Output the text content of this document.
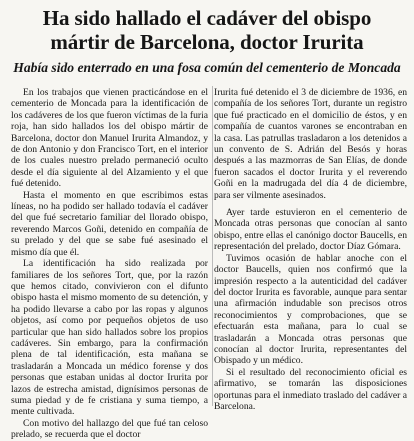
Ha sido hallado el cadáver del obispo
mártir de Barcelona, doctor Irurita
Había sido enterrado en una fosa común del cementerio de Moncada

En los trabajos que vienen practicándose en el cementerio de Moncada para la identificación de los cadáveres de los que fueron víctimas de la furia roja, han sido hallados los del obispo mártir de Barcelona, doctor don Manuel Irurita Almandoz, y de don Antonio y don Francisco Tort, en el interior de los cuales nuestro prelado permaneció oculto desde el día siguiente al del Alzamiento y el que fué detenido.

Hasta el momento en que escribimos estas líneas, no ha podido ser hallado todavía el cadáver del que fué secretario familiar del llorado obispo, reverendo Marcos Goñi, detenido en compañía de su prelado y del que se sabe fué asesinado el mismo día que él.

La identificación ha sido realizada por familiares de los señores Tort, que, por la razón que hemos citado, convivieron con el difunto obispo hasta el mismo momento de su detención, y ha podido llevarse a cabo por las ropas y algunos objetos, así como por pequeños objetos de uso particular que han sido hallados sobre los propios cadáveres. Sin embargo, para la confirmación plena de tal identificación, esta mañana se trasladarán a Moncada un médico forense y dos personas que estaban unidas al doctor Irurita por lazos de estrecha amistad, dignísimos personas de suma piedad y de fe cristiana y suma tiempo, a mente cultivada.

Con motivo del hallazgo del que fué tan celoso prelado, se recuerda que el doctor

Irurita fué detenido el 3 de diciembre de 1936, en compañía de los señores Tort, durante un registro que fué practicado en el domicilio de éstos, y en compañía de cuantos varones se encontraban en la casa. Las patrullas trasladaron a los detenidos a un convento de S. Adrián del Besós y horas después a las mazmorras de San Elías, de donde fueron sacados el doctor Irurita y el reverendo Goñi en la madrugada del día 4 de diciembre, para ser vilmente asesinados.

Ayer tarde estuvieron en el cementerio de Moncada otras personas que conocían al santo obispo, entre ellas el canónigo doctor Baucells, en representación del prelado, doctor Díaz Gómara.

Tuvimos ocasión de hablar anoche con el doctor Baucells, quien nos confirmó que la impresión respecto a la autenticidad del cadáver del doctor Irurita es favorable, aunque para sentar una afirmación indudable son precisos otros reconocimientos y comprobaciones, que se efectuarán esta mañana, para lo cual se trasladarán a Moncada otras personas que conocían al doctor Irurita, representantes del Obispado y un médico.

Si el resultado del reconocimiento oficial es afirmativo, se tomarán las disposiciones oportunas para el inmediato traslado del cadáver a Barcelona.
